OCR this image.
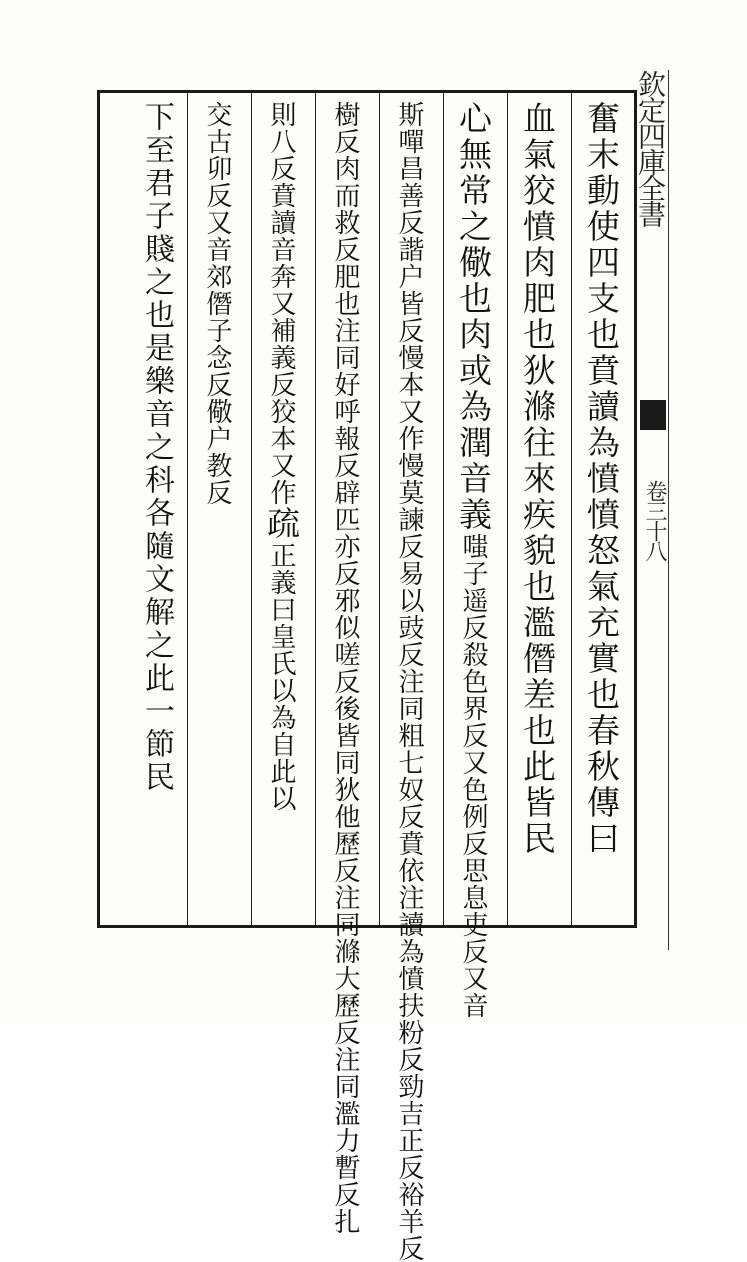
奮末動使四支也賁讀為憤憤怒氣充實也春秋傳曰
血氣狡憤肉肥也狄滌往來疾貌也濫僭差也此皆民
心無常之儆也肉或為潤音義嗤子遥反殺色界反又色例反思息吏反又音
斯嘽昌善反諧户皆反慢本又作慢莫諫反易以豉反注同粗七奴反賁依注讀為憤扶粉反勁吉正反裕羊反
樹反肉而救反肥也注同好呼報反辟匹亦反邪似嗟反後皆同狄他歷反注同滌大歷反注同濫力暫反扎
則八反賁讀音奔又補義反狡本又作疏正義曰皇氏以為自此以
交古卯反又音郊僭子念反儆户教反
下至君子賤之也是樂音之科各隨文解之此一節民	欽定四庫全書
卷三十八
